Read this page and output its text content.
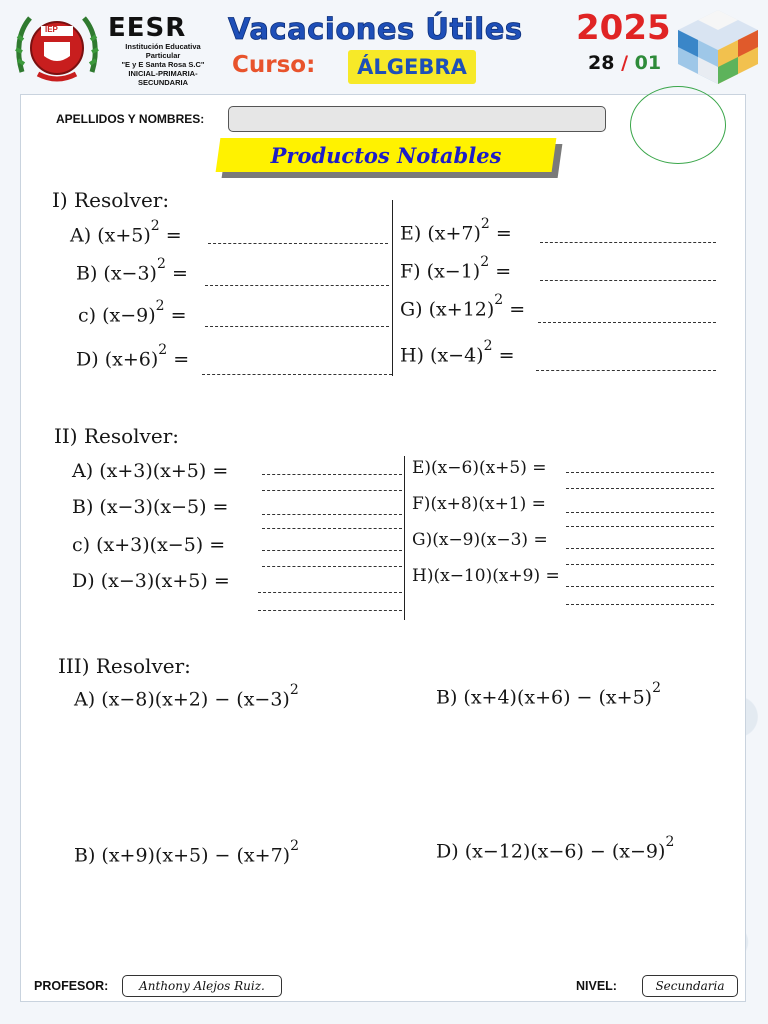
IEP EESR
Institución Educativa Particular
"E y E Santa Rosa S.C"
INICIAL-PRIMARIA-SECUNDARIA
Vacaciones Útiles 2025
Curso:	ÁLGEBRA	28 / 01
APELLIDOS Y NOMBRES:
Productos Notables
I) Resolver:
A) $(x+5)^2$ =
B) $(x-3)^2$ =
c) $(x-9)^2$ =
D) $(x+6)^2$ =
E) $(x+7)^2$ =
F) $(x-1)^2$ =
G) $(x+12)^2$ =
H) $(x-4)^2$ =
II) Resolver:
A) (x+3)(x+5) =
B) (x−3)(x−5) =
c) (x+3)(x−5) =
D) (x−3)(x+5) =
E)(x−6)(x+5) =
F)(x+8)(x+1) =
G)(x−9)(x−3) =
H)(x−10)(x+9) =
III) Resolver:
A) $(x-8)(x+2) - (x-3)^2$	B) $(x+4)(x+6) - (x+5)^2$
B) $(x+9)(x+5) - (x+7)^2$	D) $(x-12)(x-6) - (x-9)^2$
PROFESOR:	Anthony Alejos Ruiz.	NIVEL:	Secundaria
